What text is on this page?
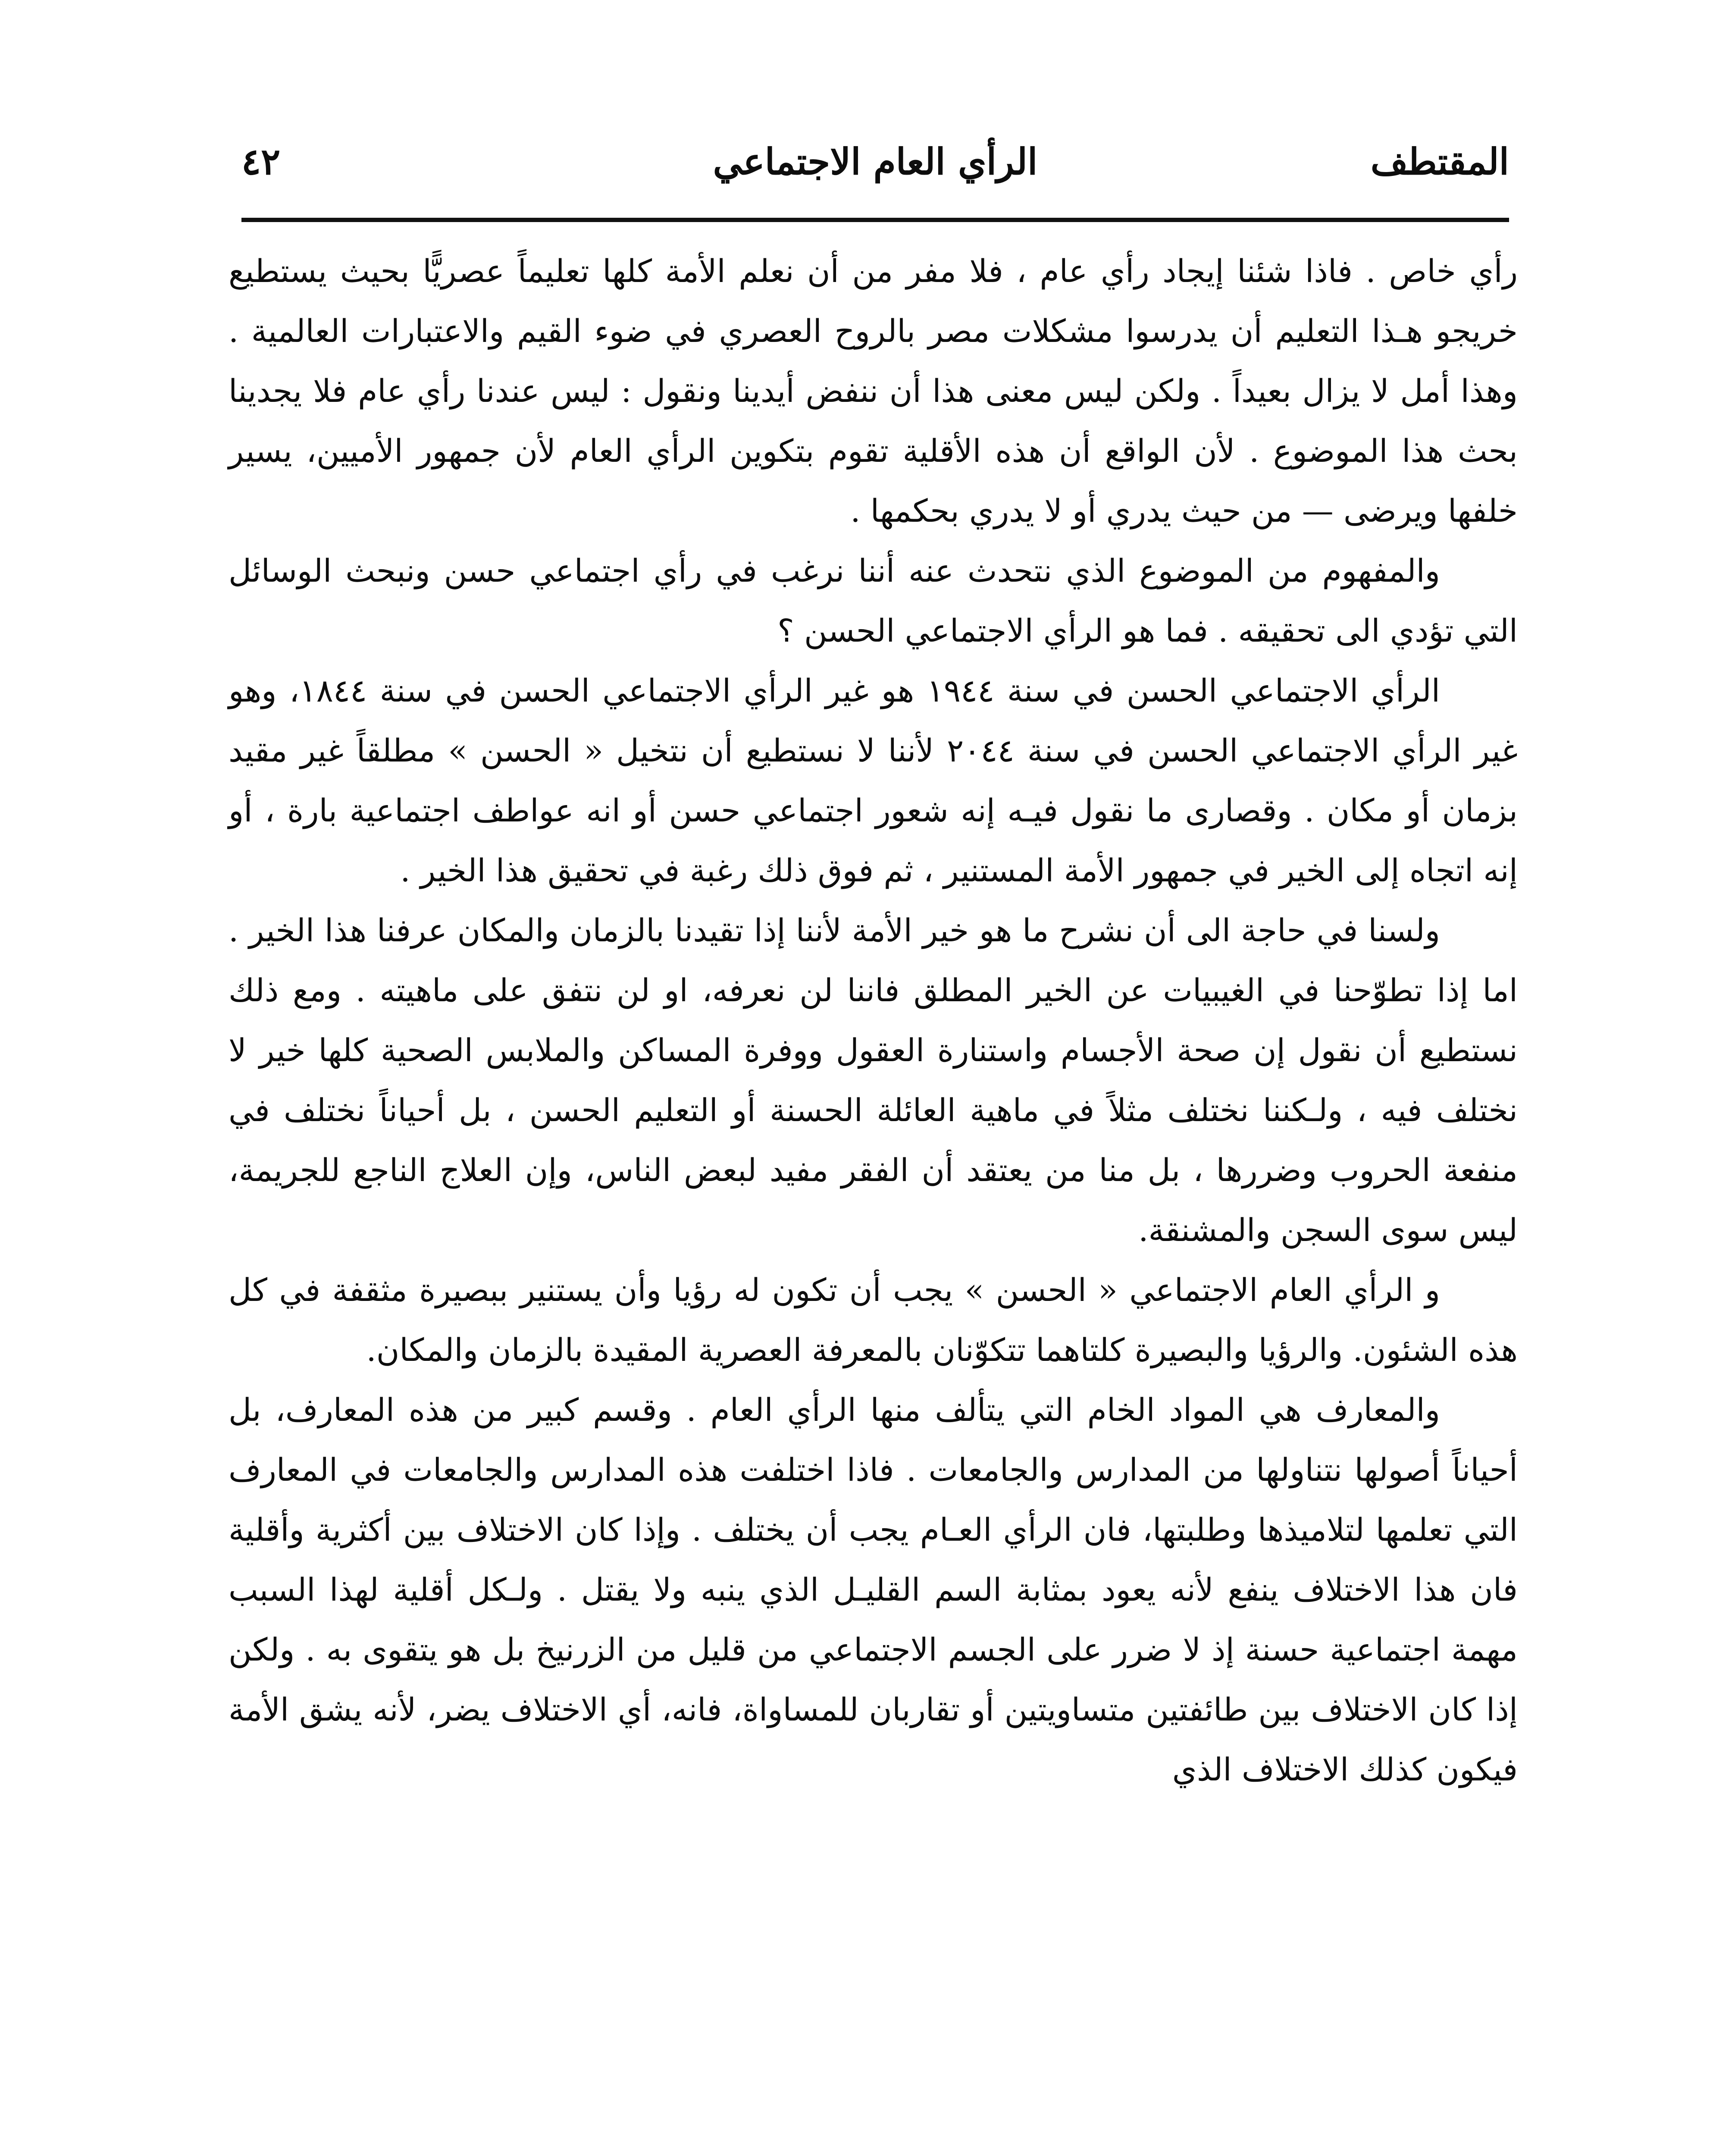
المقتطف
الرأي العام الاجتماعي
٤٢

رأي خاص . فاذا شئنا إيجاد رأي عام ، فلا مفر من أن نعلم الأمة كلها تعليماً عصريًّا بحيث يستطيع خريجو هـذا التعليم أن يدرسوا مشكلات مصر بالروح العصري في ضوء القيم والاعتبارات العالمية . وهذا أمل لا يزال بعيداً . ولكن ليس معنى هذا أن ننفض أيدينا ونقول : ليس عندنا رأي عام فلا يجدينا بحث هذا الموضوع . لأن الواقع أن هذه الأقلية تقوم بتكوين الرأي العام لأن جمهور الأميين، يسير خلفها ويرضى — من حيث يدري أو لا يدري بحكمها .

والمفهوم من الموضوع الذي نتحدث عنه أننا نرغب في رأي اجتماعي حسن ونبحث الوسائل التي تؤدي الى تحقيقه . فما هو الرأي الاجتماعي الحسن ؟

الرأي الاجتماعي الحسن في سنة ١٩٤٤ هو غير الرأي الاجتماعي الحسن في سنة ١٨٤٤، وهو غير الرأي الاجتماعي الحسن في سنة ٢٠٤٤ لأننا لا نستطيع أن نتخيل « الحسن » مطلقاً غير مقيد بزمان أو مكان . وقصارى ما نقول فيـه إنه شعور اجتماعي حسن أو انه عواطف اجتماعية بارة ، أو إنه اتجاه إلى الخير في جمهور الأمة المستنير ، ثم فوق ذلك رغبة في تحقيق هذا الخير .

ولسنا في حاجة الى أن نشرح ما هو خير الأمة لأننا إذا تقيدنا بالزمان والمكان عرفنا هذا الخير . اما إذا تطوّحنا في الغيبيات عن الخير المطلق فاننا لن نعرفه، او لن نتفق على ماهيته . ومع ذلك نستطيع أن نقول إن صحة الأجسام واستنارة العقول ووفرة المساكن والملابس الصحية كلها خير لا نختلف فيه ، ولـكننا نختلف مثلاً في ماهية العائلة الحسنة أو التعليم الحسن ، بل أحياناً نختلف في منفعة الحروب وضررها ، بل منا من يعتقد أن الفقر مفيد لبعض الناس، وإن العلاج الناجع للجريمة، ليس سوى السجن والمشنقة.

و الرأي العام الاجتماعي « الحسن » يجب أن تكون له رؤيا وأن يستنير ببصيرة مثقفة في كل هذه الشئون. والرؤيا والبصيرة كلتاهما تتكوّنان بالمعرفة العصرية المقيدة بالزمان والمكان.

والمعارف هي المواد الخام التي يتألف منها الرأي العام . وقسم كبير من هذه المعارف، بل أحياناً أصولها نتناولها من المدارس والجامعات . فاذا اختلفت هذه المدارس والجامعات في المعارف التي تعلمها لتلاميذها وطلبتها، فان الرأي العـام يجب أن يختلف . وإذا كان الاختلاف بين أكثرية وأقلية فان هذا الاختلاف ينفع لأنه يعود بمثابة السم القليـل الذي ينبه ولا يقتل . ولـكل أقلية لهذا السبب مهمة اجتماعية حسنة إذ لا ضرر على الجسم الاجتماعي من قليل من الزرنيخ بل هو يتقوى به . ولكن إذا كان الاختلاف بين طائفتين متساويتين أو تقاربان للمساواة، فانه، أي الاختلاف يضر، لأنه يشق الأمة فيكون كذلك الاختلاف الذي
